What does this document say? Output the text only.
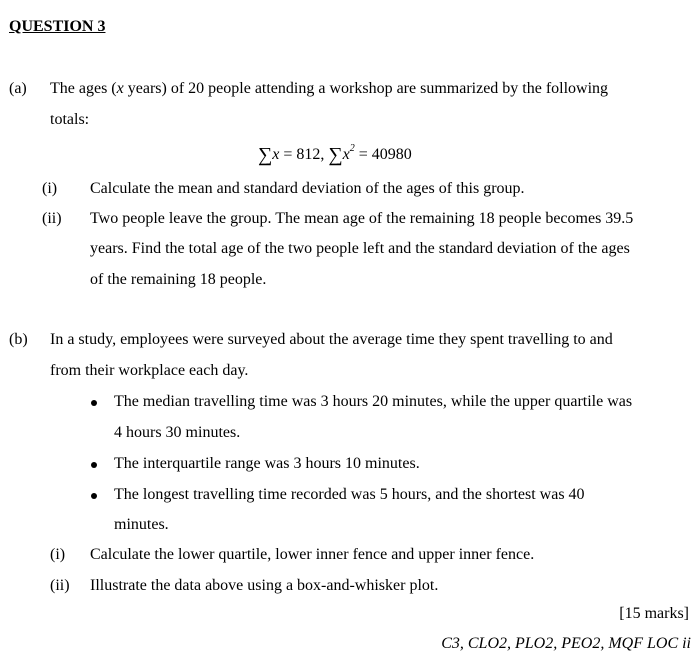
QUESTION 3
(a) The ages (x years) of 20 people attending a workshop are summarized by the following
totals:
∑x = 812, $\sum x^2 = 40980$
(i) Calculate the mean and standard deviation of the ages of this group.
(ii) Two people leave the group. The mean age of the remaining 18 people becomes 39.5
years. Find the total age of the two people left and the standard deviation of the ages
of the remaining 18 people.
(b) In a study, employees were surveyed about the average time they spent travelling to and
from their workplace each day.
The median travelling time was 3 hours 20 minutes, while the upper quartile was
4 hours 30 minutes.
The interquartile range was 3 hours 10 minutes.
The longest travelling time recorded was 5 hours, and the shortest was 40
minutes.
(i) Calculate the lower quartile, lower inner fence and upper inner fence.
(ii) Illustrate the data above using a box-and-whisker plot.
[15 marks]
C3, CLO2, PLO2, PEO2, MQF LOC ii
